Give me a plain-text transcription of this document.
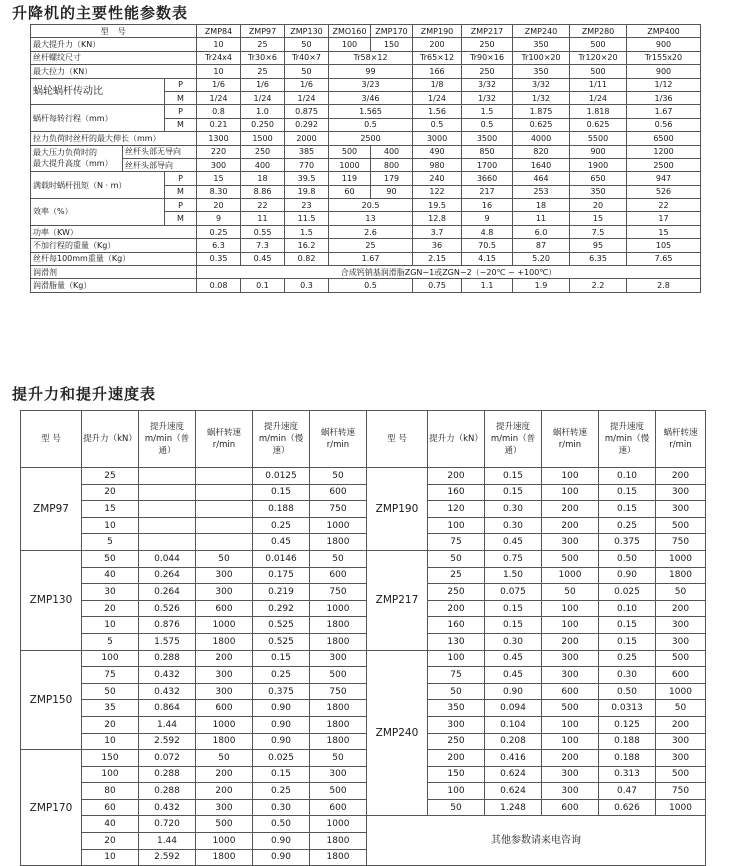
升降机的主要性能参数表
型　号			ZMP84	ZMP97	ZMP130	ZMO160	ZMP170	ZMP190	ZMP217	ZMP240	ZMP280	ZMP400
最大提升力（KN）			10	25	50	100	150	200	250	350	500	900
丝杆螺纹尺寸			Tr24x4	Tr30×6	Tr40×7	Tr58×12		Tr65×12	Tr90×16	Tr100×20	Tr120×20	Tr155x20
最大拉力（KN）			10	25	50	99		166	250	350	500	900
蜗轮蜗杆传动比		P	1/6	1/6	1/6	3/23		1/8	3/32	3/32	1/11	1/12
		M	1/24	1/24	1/24	3/46		1/24	1/32	1/32	1/24	1/36
蜗杆每转行程（mm）		P	0.8	1.0	0.875	1.565		1.56	1.5	1.875	1.818	1.67
		M	0.21	0.250	0.292	0.5		0.5	0.5	0.625	0.625	0.56
拉力负荷时丝杆的最大伸长（mm）			1300	1500	2000	2500		3000	3500	4000	5500	6500

最大压力负荷时的
最大提升高度（mm）	丝杆头部无导向		220	250	385	500	400	490	850	820	900	1200
	丝杆头部导向		300	400	770	1000	800	980	1700	1640	1900	2500
满载时蜗杆扭矩（N · m）		P	15	18	39.5	119	179	240	3660	464	650	947
		M	8.30	8.86	19.8	60	90	122	217	253	350	526
效率（%）		P	20	22	23	20.5		19.5	16	18	20	22
		M	9	11	11.5	13		12.8	9	11	15	17
功率（KW）			0.25	0.55	1.5	2.6		3.7	4.8	6.0	7.5	15
不加行程的重量（Kg）			6.3	7.3	16.2	25		36	70.5	87	95	105
丝杆每100mm重量（Kg）			0.35	0.45	0.82	1.67		2.15	4.15	5.20	6.35	7.65
润滑剂			合成钙钠基润滑脂ZGN−1或ZGN−2（−20℃ ~ +100℃）									
润滑脂量（Kg）			0.08	0.1	0.3	0.5		0.75	1.1	1.9	2.2	2.8
提升力和提升速度表
型 号	提升力（kN）	提升速度 m/min（普通）	蜗杆转速 r/min	提升速度 m/min（慢速）	蜗杆转速 r/min	型 号	提升力（kN）	提升速度 m/min（普通）	蜗杆转速 r/min	提升速度 m/min（慢速）	蜗杆转速 r/min
ZMP97	25			0.0125	50	ZMP190	200	0.15	100	0.10	200
	20			0.15	600		160	0.15	100	0.15	300
	15			0.188	750		120	0.30	200	0.15	300
	10			0.25	1000		100	0.30	200	0.25	500
	5			0.45	1800		75	0.45	300	0.375	750
ZMP130	50	0.044	50	0.0146	50	ZMP217	50	0.75	500	0.50	1000
	40	0.264	300	0.175	600		25	1.50	1000	0.90	1800
	30	0.264	300	0.219	750		250	0.075	50	0.025	50
	20	0.526	600	0.292	1000		200	0.15	100	0.10	200
	10	0.876	1000	0.525	1800		160	0.15	100	0.15	300
	5	1.575	1800	0.525	1800		130	0.30	200	0.15	300
ZMP150	100	0.288	200	0.15	300	ZMP240	100	0.45	300	0.25	500
	75	0.432	300	0.25	500		75	0.45	300	0.30	600
	50	0.432	300	0.375	750		50	0.90	600	0.50	1000
	35	0.864	600	0.90	1800		350	0.094	500	0.0313	50
	20	1.44	1000	0.90	1800		300	0.104	100	0.125	200
	10	2.592	1800	0.90	1800		250	0.208	100	0.188	300
ZMP170	150	0.072	50	0.025	50		200	0.416	200	0.188	300
	100	0.288	200	0.15	300		150	0.624	300	0.313	500
	80	0.288	200	0.25	500		100	0.624	300	0.47	750
	60	0.432	300	0.30	600		50	1.248	600	0.626	1000
	40	0.720	500	0.50	1000	其他参数请来电咨询					
	20	1.44	1000	0.90	1800						
	10	2.592	1800	0.90	1800						
